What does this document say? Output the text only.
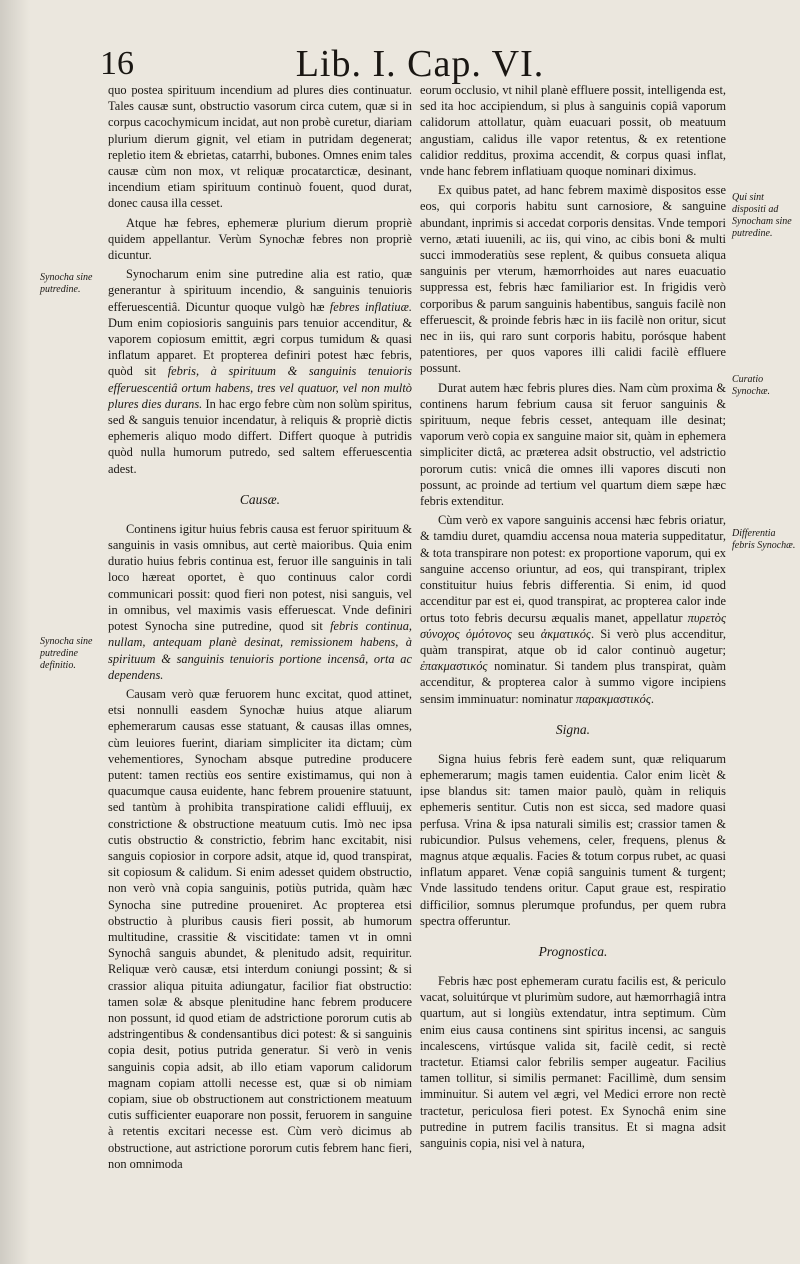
16	Lib. I. Cap. VI.
Synocha sine putredine.
Synocha sine putredine definitio.
Qui sint dispositi ad Synocham sine putredine.
Curatio Synochæ.
Differentia febris Synochæ.

quo postea spirituum incendium ad plures dies continuatur. Tales causæ sunt, obstructio vasorum circa cutem, quæ si in corpus cacochymicum incidat, aut non probè curetur, diariam plurium dierum gignit, vel etiam in putridam degenerat; repletio item & ebrietas, catarrhi, bubones. Omnes enim tales causæ cùm non mox, vt reliquæ procatarcticæ, desinant, incendium etiam spirituum continuò fouent, quod durat, donec causa illa cesset.

Atque hæ febres, ephemeræ plurium dierum propriè quidem appellantur. Verùm Synochæ febres non propriè dicuntur.

Synocharum enim sine putredine alia est ratio, quæ generantur à spirituum incendio, & sanguinis tenuioris efferuescentiâ. Dicuntur quoque vulgò hæ febres inflatiuæ. Dum enim copiosioris sanguinis pars tenuior accenditur, & vaporem copiosum emittit, ægri corpus tumidum & quasi inflatum apparet. Et propterea definiri potest hæc febris, quòd sit febris, à spirituum & sanguinis tenuioris efferuescentiâ ortum habens, tres vel quatuor, vel non multò plures dies durans. In hac ergo febre cùm non solùm spiritus, sed & sanguis tenuior incendatur, à reliquis & propriè dictis ephemeris aliquo modo differt. Differt quoque à putridis quòd nulla humorum putredo, sed saltem efferuescentia adest.

Causæ.

Continens igitur huius febris causa est feruor spirituum & sanguinis in vasis omnibus, aut certè maioribus. Quia enim duratio huius febris continua est, feruor ille sanguinis in tali loco hæreat oportet, è quo continuus calor cordi communicari possit: quod fieri non potest, nisi sanguis, vel in omnibus, vel maximis vasis efferuescat. Vnde definiri potest Synocha sine putredine, quod sit febris continua, nullam, antequam planè desinat, remissionem habens, à spirituum & sanguinis tenuioris portione incensâ, orta ac dependens.

Causam verò quæ feruorem hunc excitat, quod attinet, etsi nonnulli easdem Synochæ huius atque aliarum ephemerarum causas esse statuant, & causas illas omnes, cùm leuiores fuerint, diariam simpliciter ita dictam; cùm vehementiores, Synocham absque putredine producere putent: tamen rectiùs eos sentire existimamus, qui non à quacumque causa euidente, hanc febrem prouenire statuunt, sed tantùm à prohibita transpiratione calidi effluuij, ex constrictione & obstructione meatuum cutis. Imò nec ipsa cutis obstructio & constrictio, febrim hanc excitabit, nisi sanguis copiosior in corpore adsit, atque id, quod transpirat, sit copiosum & calidum. Si enim adesset quidem obstructio, non verò vnà copia sanguinis, potiùs putrida, quàm hæc Synocha sine putredine proueniret. Ac propterea etsi obstructio à pluribus causis fieri possit, ab humorum multitudine, crassitie & viscitidate: tamen vt in omni Synochâ sanguis abundet, & plenitudo adsit, requiritur. Reliquæ verò causæ, etsi interdum coniungi possint; & si crassior aliqua pituita adiungatur, facilior fiat obstructio: tamen solæ & absque plenitudine hanc febrem producere non possunt, id quod etiam de adstrictione pororum cutis ab adstringentibus & condensantibus dici potest: & si sanguinis copia desit, potius putrida generatur. Si verò in venis sanguinis copia adsit, ab illo etiam vaporum calidorum magnam copiam attolli necesse est, quæ si ob nimiam copiam, siue ob obstructionem aut constrictionem meatuum cutis sufficienter euaporare non possit, feruorem in sanguine à retentis excitari necesse est. Cùm verò dicimus ab obstructione, aut astrictione pororum cutis febrem hanc fieri, non omnimoda

eorum occlusio, vt nihil planè effluere possit, intelligenda est, sed ita hoc accipiendum, si plus à sanguinis copiâ vaporum calidorum attollatur, quàm euacuari possit, ob meatuum angustiam, calidus ille vapor retentus, & ex retentione calidior redditus, proxima accendit, & corpus quasi inflat, vnde hanc febrem inflatiuam quoque nominari diximus.

Ex quibus patet, ad hanc febrem maximè dispositos esse eos, qui corporis habitu sunt carnosiore, & sanguine abundant, inprimis si accedat corporis densitas. Vnde tempori verno, ætati iuuenili, ac iis, qui vino, ac cibis boni & multi succi immoderatiùs sese replent, & quibus consueta aliqua sanguinis per vterum, hæmorrhoides aut nares euacuatio suppressa est, febris hæc familiarior est. In frigidis verò corporibus & parum sanguinis habentibus, sanguis facilè non efferuescit, & proinde febris hæc in iis facilè non oritur, sicut nec in iis, qui raro sunt corporis habitu, porósque habent patentiores, per quos vapores illi calidi facilè effluere possunt.

Durat autem hæc febris plures dies. Nam cùm proxima & continens harum febrium causa sit feruor sanguinis & spirituum, neque febris cesset, antequam ille desinat; vaporum verò copia ex sanguine maior sit, quàm in ephemera simpliciter dictâ, ac præterea adsit obstructio, vel adstrictio pororum cutis: vnicâ die omnes illi vapores discuti non possunt, ac proinde ad tertium vel quartum diem sæpe hæc febris extenditur.

Cùm verò ex vapore sanguinis accensi hæc febris oriatur, & tamdiu duret, quamdiu accensa noua materia suppeditatur, & tota transpirare non potest: ex proportione vaporum, qui ex sanguine accenso oriuntur, ad eos, qui transpirant, triplex constituitur huius febris differentia. Si enim, id quod accenditur par est ei, quod transpirat, ac propterea calor inde ortus toto febris decursu æqualis manet, appellatur πυρετὸς σύνοχος ὁμότονος seu ἀκματικός. Si verò plus accenditur, quàm transpirat, atque ob id calor continuò augetur; ἐπακμαστικός nominatur. Si tandem plus transpirat, quàm accenditur, & propterea calor à summo vigore incipiens sensim imminuatur: nominatur παρακμαστικός.

Signa.

Signa huius febris ferè eadem sunt, quæ reliquarum ephemerarum; magis tamen euidentia. Calor enim licèt & ipse blandus sit: tamen maior paulò, quàm in reliquis ephemeris sentitur. Cutis non est sicca, sed madore quasi perfusa. Vrina & ipsa naturali similis est; crassior tamen & rubicundior. Pulsus vehemens, celer, frequens, plenus & magnus atque æqualis. Facies & totum corpus rubet, ac quasi inflatum apparet. Venæ copiâ sanguinis tument & turgent; Vnde lassitudo tendens oritur. Caput graue est, respiratio difficilior, somnus plerumque profundus, per quem rubra spectra offeruntur.

Prognostica.

Febris hæc post ephemeram curatu facilis est, & periculo vacat, soluitúrque vt plurimùm sudore, aut hæmorrhagiâ intra quartum, aut si longiùs extendatur, intra septimum. Cùm enim eius causa continens sint spiritus incensi, ac sanguis incalescens, virtúsque valida sit, facilè cedit, si rectè tractetur. Etiamsi calor febrilis semper augeatur. Facilius tamen tollitur, si similis permanet: Facillimè, dum sensim imminuitur. Si autem vel ægri, vel Medici errore non rectè tractetur, periculosa fieri potest. Ex Synochâ enim sine putredine in putrem facilis transitus. Et si magna adsit sanguinis copia, nisi vel à natura,
